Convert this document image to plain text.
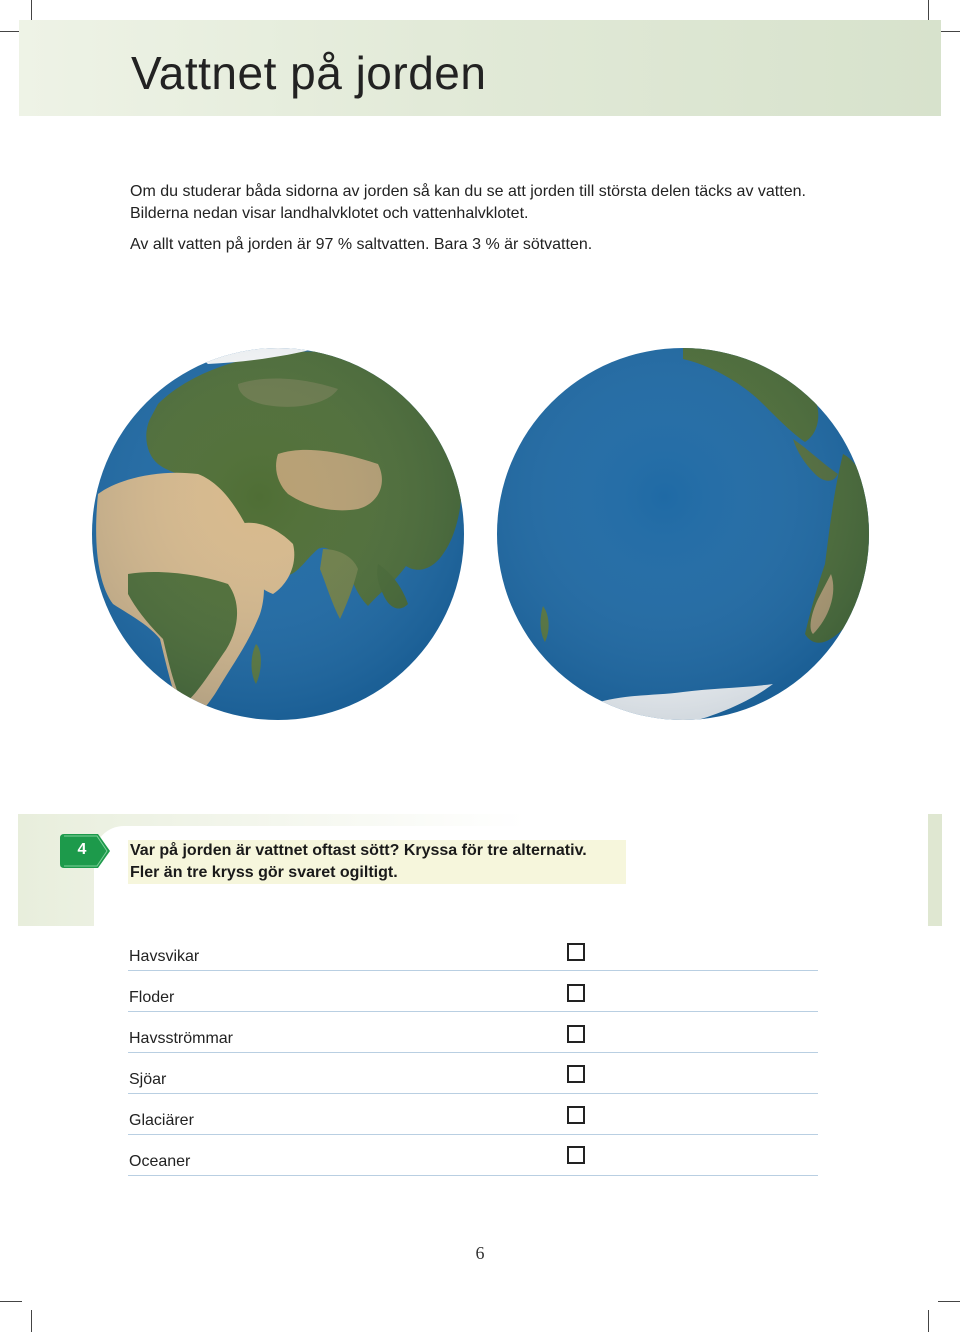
Vattnet på jorden

Om du studerar båda sidorna av jorden så kan du se att jorden till största delen täcks av vatten. Bilderna nedan visar landhalvklotet och vattenhalvklotet.

Av allt vatten på jorden är 97 % saltvatten. Bara 3 % är sötvatten.

4	Var på jorden är vattnet oftast sött? Kryssa för tre alternativ.
Fler än tre kryss gör svaret ogiltigt.
Havsvikar
Floder
Havsströmmar
Sjöar
Glaciärer
Oceaner
6
